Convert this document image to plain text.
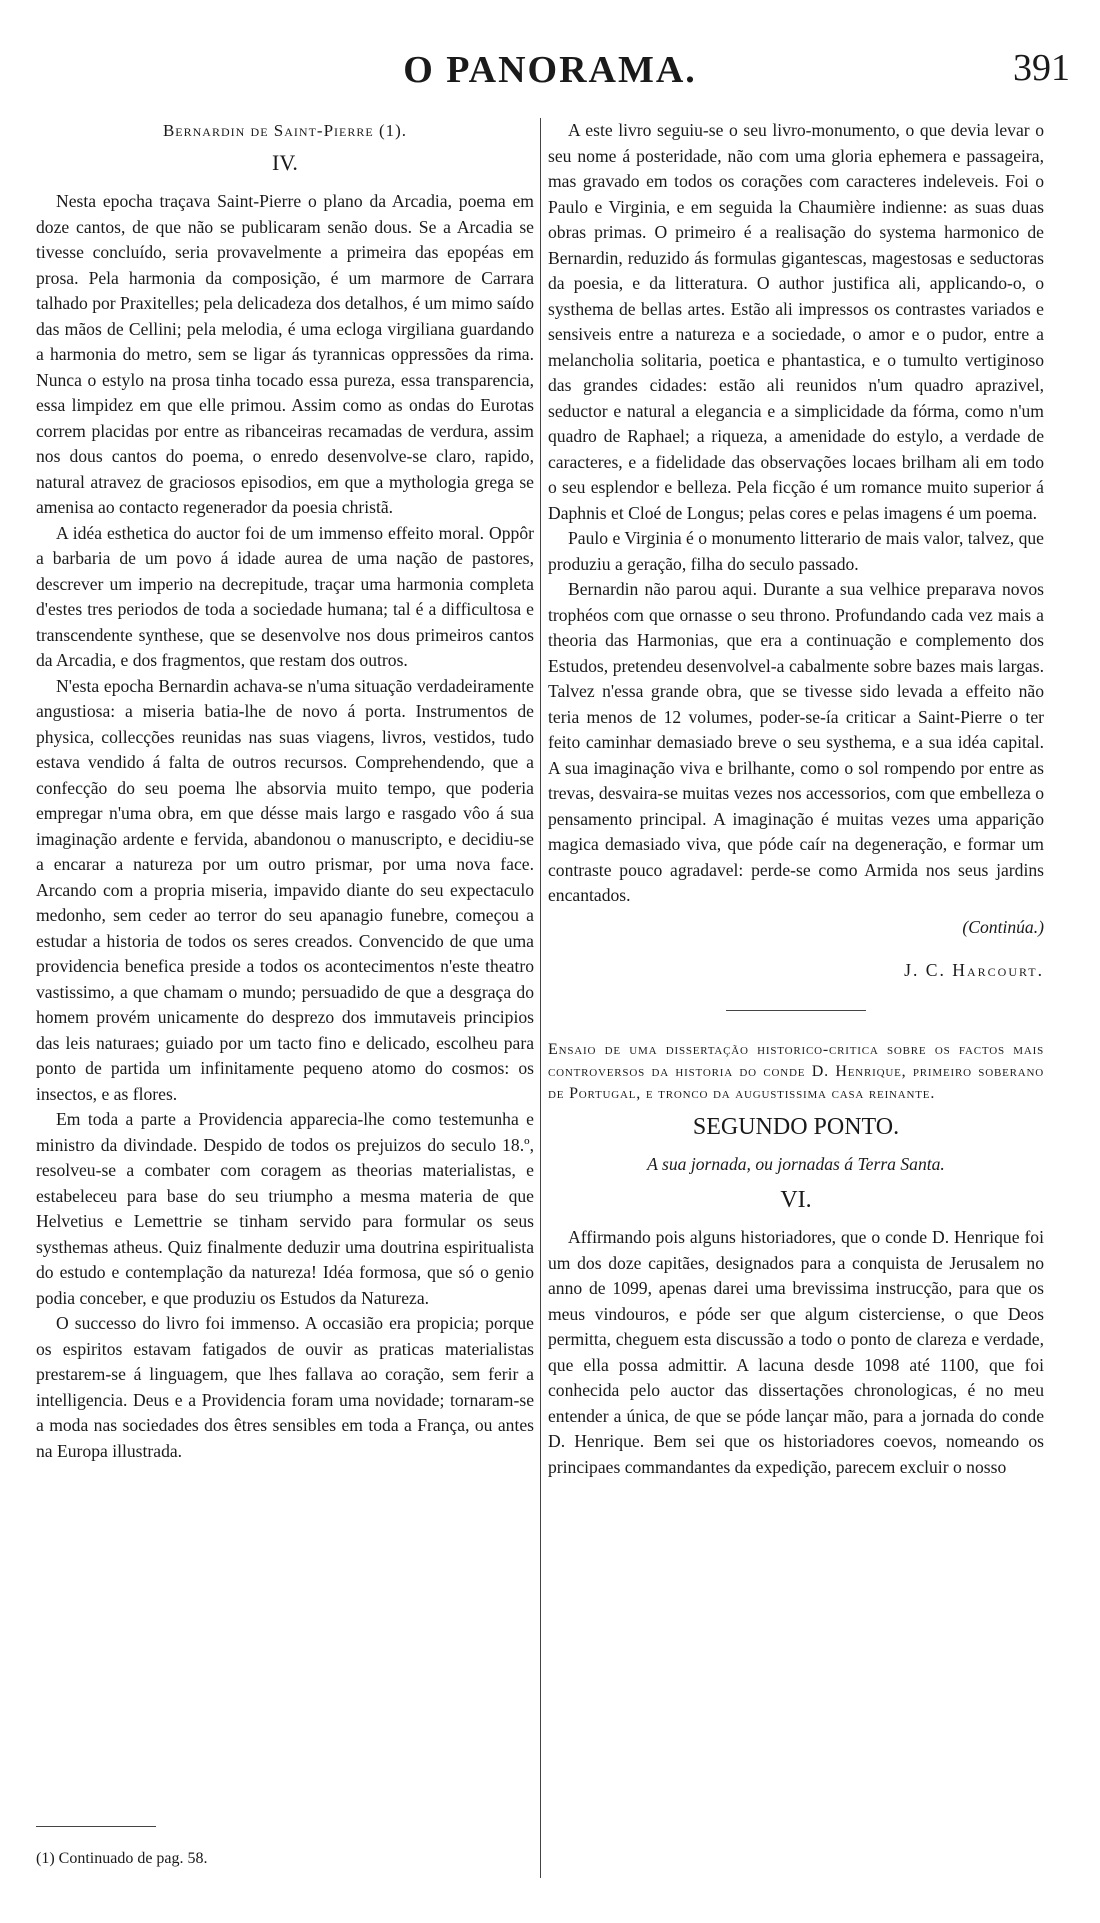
O PANORAMA.	391

Bernardin de Saint-Pierre (1).

IV.

Nesta epocha traçava Saint-Pierre o plano da Arcadia, poema em doze cantos, de que não se publicaram senão dous. Se a Arcadia se tivesse concluído, seria provavelmente a primeira das epopéas em prosa. Pela harmonia da composição, é um marmore de Carrara talhado por Praxitelles; pela delicadeza dos detalhos, é um mimo saído das mãos de Cellini; pela melodia, é uma ecloga virgiliana guardando a harmonia do metro, sem se ligar ás tyrannicas oppressões da rima. Nunca o estylo na prosa tinha tocado essa pureza, essa transparencia, essa limpidez em que elle primou. Assim como as ondas do Eurotas correm placidas por entre as ribanceiras recamadas de verdura, assim nos dous cantos do poema, o enredo desenvolve-se claro, rapido, natural atravez de graciosos episodios, em que a mythologia grega se amenisa ao contacto regenerador da poesia christã.

A idéa esthetica do auctor foi de um immenso effeito moral. Oppôr a barbaria de um povo á idade aurea de uma nação de pastores, descrever um imperio na decrepitude, traçar uma harmonia completa d'estes tres periodos de toda a sociedade humana; tal é a difficultosa e transcendente synthese, que se desenvolve nos dous primeiros cantos da Arcadia, e dos fragmentos, que restam dos outros.

N'esta epocha Bernardin achava-se n'uma situação verdadeiramente angustiosa: a miseria batia-lhe de novo á porta. Instrumentos de physica, collecções reunidas nas suas viagens, livros, vestidos, tudo estava vendido á falta de outros recursos. Comprehendendo, que a confecção do seu poema lhe absorvia muito tempo, que poderia empregar n'uma obra, em que désse mais largo e rasgado vôo á sua imaginação ardente e fervida, abandonou o manuscripto, e decidiu-se a encarar a natureza por um outro prismar, por uma nova face. Arcando com a propria miseria, impavido diante do seu expectaculo medonho, sem ceder ao terror do seu apanagio funebre, começou a estudar a historia de todos os seres creados. Convencido de que uma providencia benefica preside a todos os acontecimentos n'este theatro vastissimo, a que chamam o mundo; persuadido de que a desgraça do homem provém unicamente do desprezo dos immutaveis principios das leis naturaes; guiado por um tacto fino e delicado, escolheu para ponto de partida um infinitamente pequeno atomo do cosmos: os insectos, e as flores.

Em toda a parte a Providencia apparecia-lhe como testemunha e ministro da divindade. Despido de todos os prejuizos do seculo 18.º, resolveu-se a combater com coragem as theorias materialistas, e estabeleceu para base do seu triumpho a mesma materia de que Helvetius e Lemettrie se tinham servido para formular os seus systhemas atheus. Quiz finalmente deduzir uma doutrina espiritualista do estudo e contemplação da natureza! Idéa formosa, que só o genio podia conceber, e que produziu os Estudos da Natureza.

O successo do livro foi immenso. A occasião era propicia; porque os espiritos estavam fatigados de ouvir as praticas materialistas prestarem-se á linguagem, que lhes fallava ao coração, sem ferir a intelligencia. Deus e a Providencia foram uma novidade; tornaram-se a moda nas sociedades dos êtres sensibles em toda a França, ou antes na Europa illustrada.

(1) Continuado de pag. 58.

A este livro seguiu-se o seu livro-monumento, o que devia levar o seu nome á posteridade, não com uma gloria ephemera e passageira, mas gravado em todos os corações com caracteres indeleveis. Foi o Paulo e Virginia, e em seguida la Chaumière indienne: as suas duas obras primas. O primeiro é a realisação do systema harmonico de Bernardin, reduzido ás formulas gigantescas, magestosas e seductoras da poesia, e da litteratura. O author justifica ali, applicando-o, o systhema de bellas artes. Estão ali impressos os contrastes variados e sensiveis entre a natureza e a sociedade, o amor e o pudor, entre a melancholia solitaria, poetica e phantastica, e o tumulto vertiginoso das grandes cidades: estão ali reunidos n'um quadro aprazivel, seductor e natural a elegancia e a simplicidade da fórma, como n'um quadro de Raphael; a riqueza, a amenidade do estylo, a verdade de caracteres, e a fidelidade das observações locaes brilham ali em todo o seu esplendor e belleza. Pela ficção é um romance muito superior á Daphnis et Cloé de Longus; pelas cores e pelas imagens é um poema.

Paulo e Virginia é o monumento litterario de mais valor, talvez, que produziu a geração, filha do seculo passado.

Bernardin não parou aqui. Durante a sua velhice preparava novos trophéos com que ornasse o seu throno. Profundando cada vez mais a theoria das Harmonias, que era a continuação e complemento dos Estudos, pretendeu desenvolvel-a cabalmente sobre bazes mais largas. Talvez n'essa grande obra, que se tivesse sido levada a effeito não teria menos de 12 volumes, poder-se-ía criticar a Saint-Pierre o ter feito caminhar demasiado breve o seu systhema, e a sua idéa capital. A sua imaginação viva e brilhante, como o sol rompendo por entre as trevas, desvaira-se muitas vezes nos accessorios, com que embelleza o pensamento principal. A imaginação é muitas vezes uma apparição magica demasiado viva, que póde caír na degeneração, e formar um contraste pouco agradavel: perde-se como Armida nos seus jardins encantados.

(Continúa.)

J. C. Harcourt.

Ensaio de uma dissertação historico-critica sobre os factos mais controversos da historia do conde D. Henrique, primeiro soberano de Portugal, e tronco da augustissima casa reinante.

SEGUNDO PONTO.

A sua jornada, ou jornadas á Terra Santa.

VI.

Affirmando pois alguns historiadores, que o conde D. Henrique foi um dos doze capitães, designados para a conquista de Jerusalem no anno de 1099, apenas darei uma brevissima instrucção, para que os meus vindouros, e póde ser que algum cisterciense, o que Deos permitta, cheguem esta discussão a todo o ponto de clareza e verdade, que ella possa admittir. A lacuna desde 1098 até 1100, que foi conhecida pelo auctor das dissertações chronologicas, é no meu entender a única, de que se póde lançar mão, para a jornada do conde D. Henrique. Bem sei que os historiadores coevos, nomeando os principaes commandantes da expedição, parecem excluir o nosso
